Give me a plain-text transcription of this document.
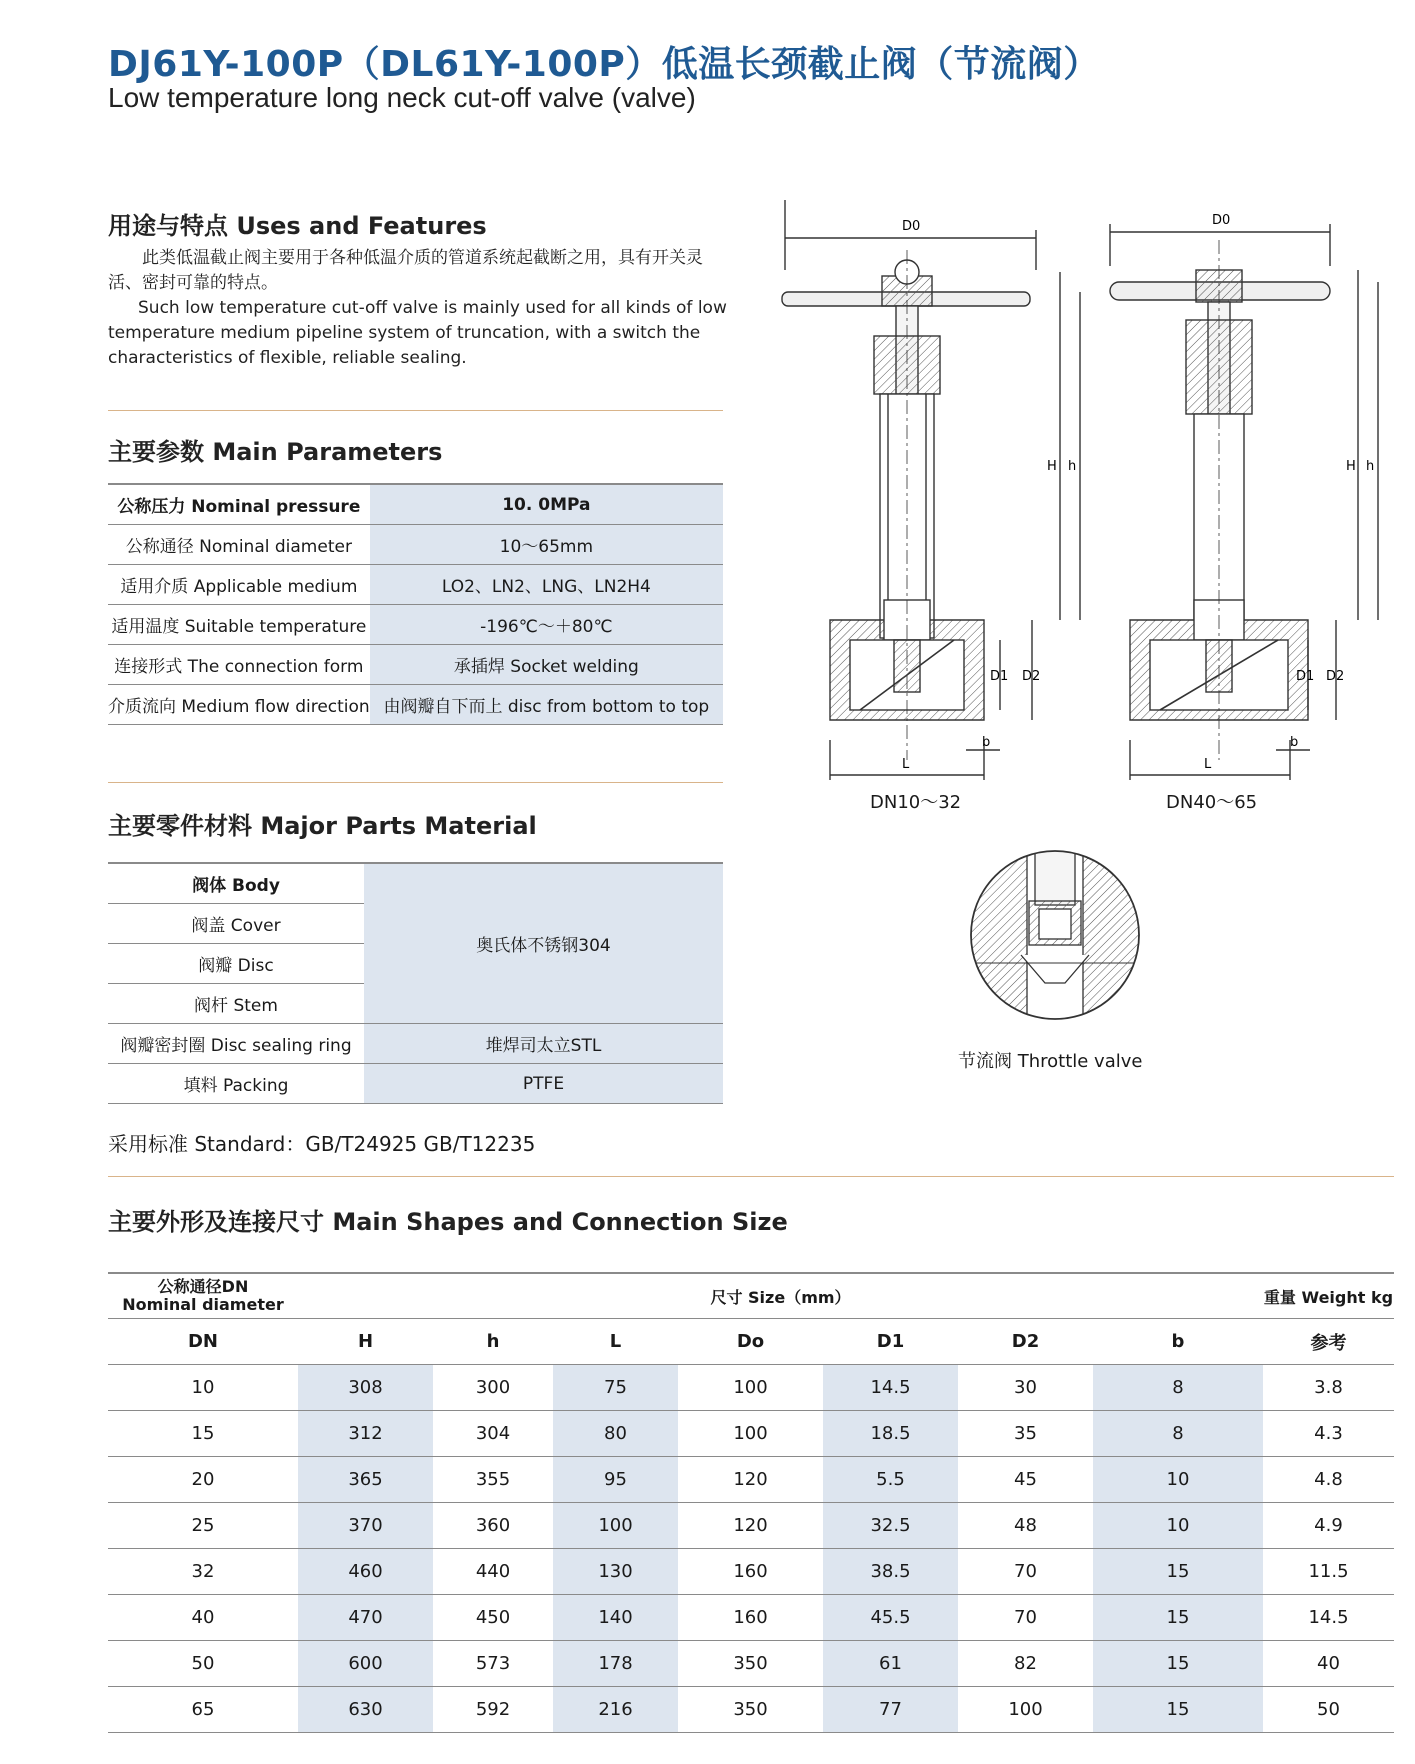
DJ61Y-100P（DL61Y-100P）低温长颈截止阀（节流阀）
Low temperature long neck cut-off valve (valve)
用途与特点 Uses and Features
此类低温截止阀主要用于各种低温介质的管道系统起截断之用，具有开关灵活、密封可靠的特点。
Such low temperature cut-off valve is mainly used for all kinds of low temperature medium pipeline system of truncation, with a switch the characteristics of flexible, reliable sealing.
主要参数 Main Parameters
公称压力 Nominal pressure	10. 0MPa
公称通径 Nominal diameter	10～65mm
适用介质 Applicable medium	LO2、LN2、LNG、LN2H4
适用温度 Suitable temperature	-196℃～＋80℃
连接形式 The connection form	承插焊 Socket welding
介质流向 Medium flow direction	由阀瓣自下而上 disc from bottom to top
主要零件材料 Major Parts Material
阀体 Body	奥氏体不锈钢304
阀盖 Cover	
阀瓣 Disc	
阀杆 Stem	
阀瓣密封圈 Disc sealing ring	堆焊司太立STL
填料 Packing	PTFE
采用标准 Standard：GB/T24925 GB/T12235
D0
H h
D1 D2
L
b
DN10～32
D0
H h
D1 D2
L
b
DN40～65
节流阀 Throttle valve
主要外形及连接尺寸 Main Shapes and Connection Size
公称通径DN
Nominal diameter	尺寸 Size（mm）							重量 Weight kg
DN	H	h	L	Do	D1	D2	b	参考
10	308	300	75	100	14.5	30	8	3.8
15	312	304	80	100	18.5	35	8	4.3
20	365	355	95	120	5.5	45	10	4.8
25	370	360	100	120	32.5	48	10	4.9
32	460	440	130	160	38.5	70	15	11.5
40	470	450	140	160	45.5	70	15	14.5
50	600	573	178	350	61	82	15	40
65	630	592	216	350	77	100	15	50
